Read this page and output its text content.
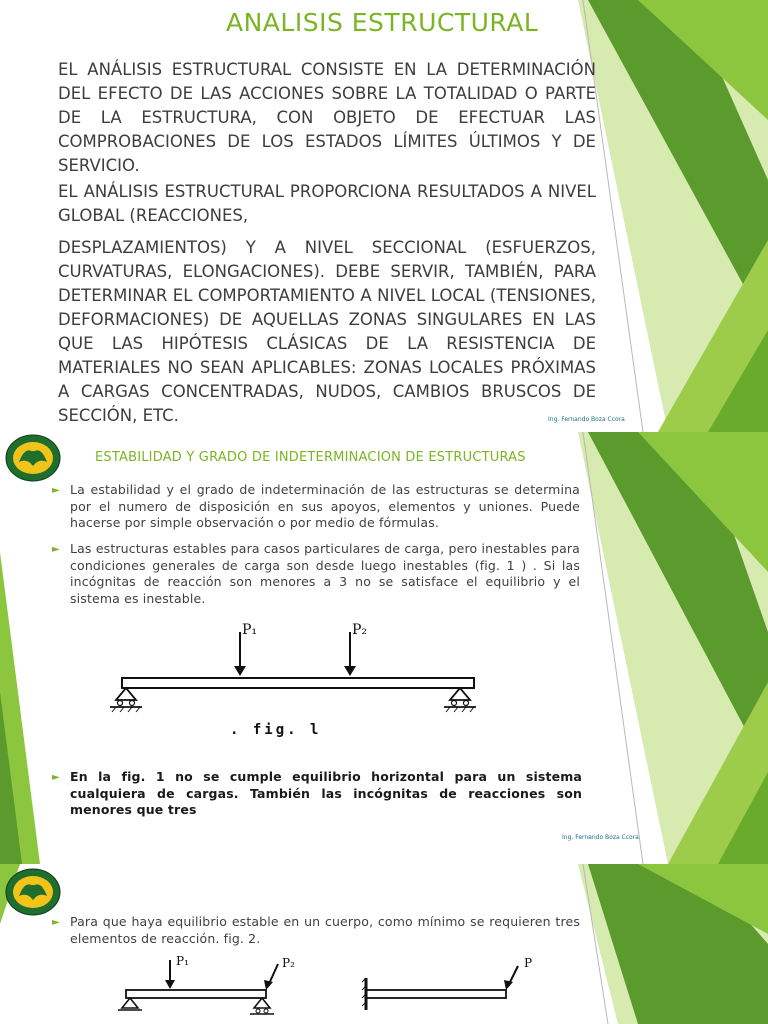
ANALISIS ESTRUCTURAL
EL ANÁLISIS ESTRUCTURAL CONSISTE EN LA DETERMINACIÓN DEL EFECTO DE LAS ACCIONES SOBRE LA TOTALIDAD O PARTE DE LA ESTRUCTURA, CON OBJETO DE EFECTUAR LAS COMPROBACIONES DE LOS ESTADOS LÍMITES ÚLTIMOS Y DE SERVICIO.
EL ANÁLISIS ESTRUCTURAL PROPORCIONA RESULTADOS A NIVEL GLOBAL (REACCIONES,
DESPLAZAMIENTOS) Y A NIVEL SECCIONAL (ESFUERZOS, CURVATURAS, ELONGACIONES). DEBE SERVIR, TAMBIÉN, PARA DETERMINAR EL COMPORTAMIENTO A NIVEL LOCAL (TENSIONES, DEFORMACIONES) DE AQUELLAS ZONAS SINGULARES EN LAS QUE LAS HIPÓTESIS CLÁSICAS DE LA RESISTENCIA DE MATERIALES NO SEAN APLICABLES: ZONAS LOCALES PRÓXIMAS A CARGAS CONCENTRADAS, NUDOS, CAMBIOS BRUSCOS DE SECCIÓN, ETC.	Ing. Fernando Boza Ccora
ESTABILIDAD Y GRADO DE INDETERMINACION DE ESTRUCTURAS
► La estabilidad y el grado de indeterminación de las estructuras se determina por el numero de disposición en sus apoyos, elementos y uniones. Puede hacerse por simple observación o por medio de fórmulas.
► Las estructuras estables para casos particulares de carga, pero inestables para condiciones generales de carga son desde luego inestables (fig. 1 ) . Si las incógnitas de reacción son menores a 3 no se satisface el equilibrio y el sistema es inestable.
P₁	P₂
. fig. l
► En la fig. 1 no se cumple equilibrio horizontal para un sistema cualquiera de cargas. También las incógnitas de reacciones son menores que tres
Ing. Fernando Boza Ccora
► Para que haya equilibrio estable en un cuerpo, como mínimo se requieren tres elementos de reacción. fig. 2.
P₁	P₂	P
